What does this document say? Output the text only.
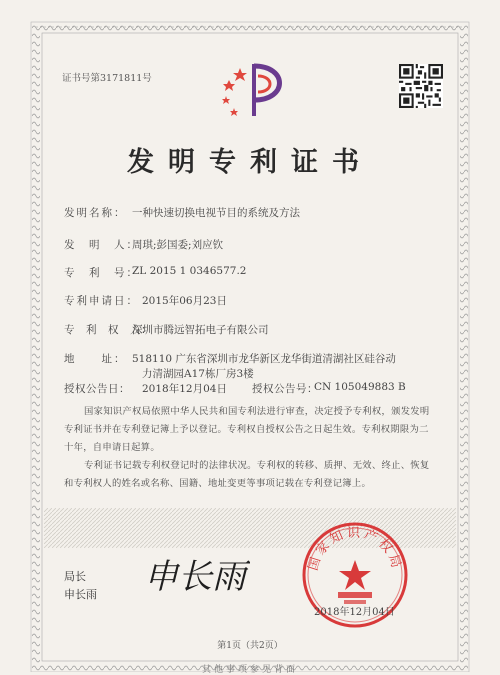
证书号第3171811号
发明专利证书
发明名称： 一种快速切换电视节目的系统及方法
发　明　人：
周琪;彭国委;刘应钦
专　利　号：
ZL 2015 1 0346577.2
专利申请日： 2015年06月23日
专　利　权　人：
深圳市腾远智拓电子有限公司
地　　址： 518110 广东省深圳市龙华新区龙华街道清湖社区硅谷动
力清湖园A17栋厂房3楼
授权公告日： 2018年12月04日 授权公告号：
CN 105049883 B
国家知识产权局依照中华人民共和国专利法进行审查，决定授予专利权，颁发发明专利证书并在专利登记簿上予以登记。专利权自授权公告之日起生效。专利权期限为二十年，自申请日起算。
专利证书记载专利权登记时的法律状况。专利权的转移、质押、无效、终止、恢复和专利权人的姓名或名称、国籍、地址变更等事项记载在专利登记簿上。
申长雨
局长
申长雨
国家知识产权局
2018年12月04日
第1页（共2页）
其他事项参见背面
